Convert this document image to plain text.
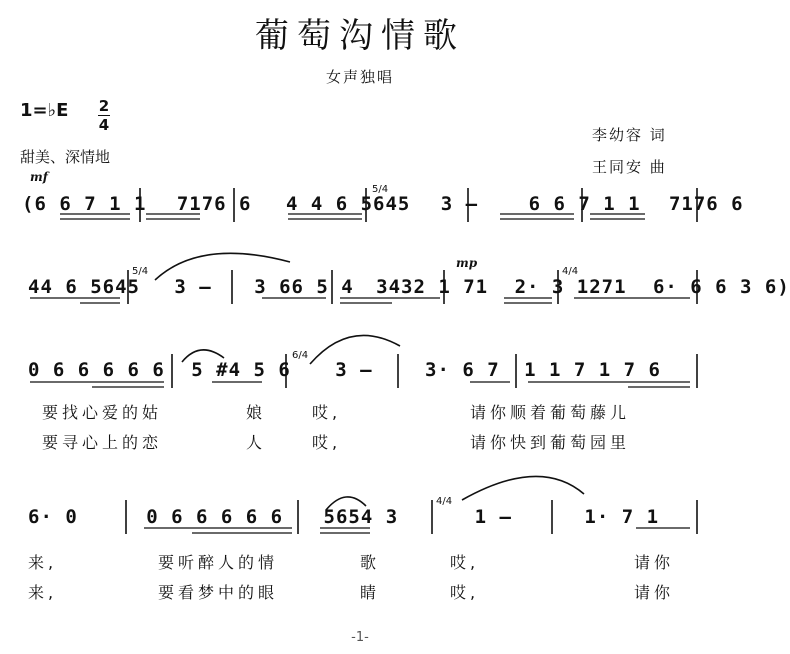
葡萄沟情歌
女声独唱
1=♭E 2
4
甜美、深情地
李幼容 词
王同安 曲
mf
mp
(6 6 7 1 1 7176 6 4 4 6 5645 3 –	6 6 7 1 1 7176 6
44 6 5645 3 – 3 66 5 4 3432 1 71 2· 3 1271 6· 6 6 3 6)
0 6 6 6 6 6 5 #4 5 6 3 –	3· 6 7 1 1 7 1 7 6
6· 0	0 6 6 6 6 6 5654 3	1 –	1· 7 1
5/4
5/4
6/4
4/4
4/4
要找心爱的姑	娘	哎,	请你顺着葡萄藤儿
要寻心上的恋	人	哎,	请你快到葡萄园里
来,	要听醉人的情	歌	哎,	请你
来,	要看梦中的眼	睛	哎,	请你
-1-
